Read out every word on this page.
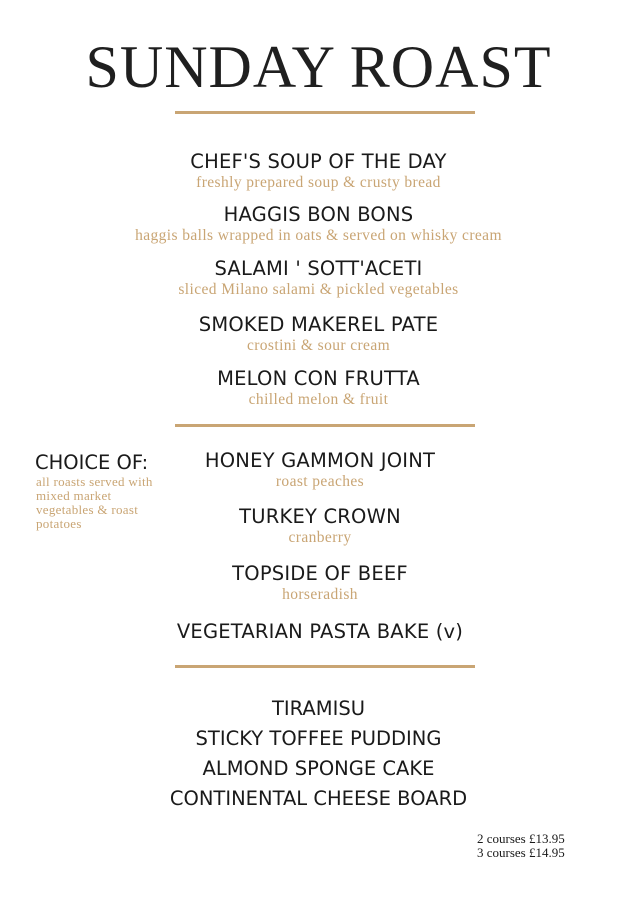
SUNDAY ROAST
CHEF'S SOUP OF THE DAY
freshly prepared soup & crusty bread
HAGGIS BON BONS
haggis balls wrapped in oats & served on whisky cream
SALAMI ' SOTT'ACETI
sliced Milano salami & pickled vegetables
SMOKED MAKEREL PATE
crostini & sour cream
MELON CON FRUTTA
chilled melon & fruit
CHOICE OF:
all roasts served with mixed market vegetables & roast potatoes
HONEY GAMMON JOINT
roast peaches
TURKEY CROWN
cranberry
TOPSIDE OF BEEF
horseradish
VEGETARIAN PASTA BAKE (v)
TIRAMISU
STICKY TOFFEE PUDDING
ALMOND SPONGE CAKE
CONTINENTAL CHEESE BOARD
2 courses £13.95
3 courses £14.95
